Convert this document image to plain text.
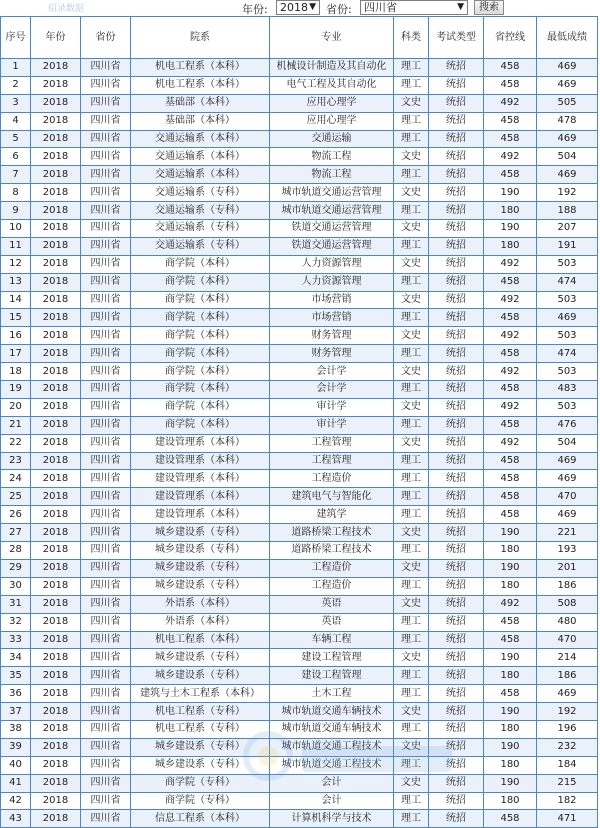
招录数据	年份:	2018 ▼ 省份:	四川省	▼	搜索
序号	年份	省份	院系	专业	科类	考试类型	省控线	最低成绩
1	2018	四川省	机电工程系（本科）	机械设计制造及其自动化	理工	统招	458	469
2	2018	四川省	机电工程系（本科）	电气工程及其自动化	理工	统招	458	469
3	2018	四川省	基础部（本科）	应用心理学	文史	统招	492	505
4	2018	四川省	基础部（本科）	应用心理学	理工	统招	458	478
5	2018	四川省	交通运输系（本科）	交通运输	理工	统招	458	469
6	2018	四川省	交通运输系（本科）	物流工程	文史	统招	492	504
7	2018	四川省	交通运输系（本科）	物流工程	理工	统招	458	469
8	2018	四川省	交通运输系（专科）	城市轨道交通运营管理	文史	统招	190	192
9	2018	四川省	交通运输系（专科）	城市轨道交通运营管理	理工	统招	180	188
10	2018	四川省	交通运输系（专科）	铁道交通运营管理	文史	统招	190	207
11	2018	四川省	交通运输系（专科）	铁道交通运营管理	理工	统招	180	191
12	2018	四川省	商学院（本科）	人力资源管理	文史	统招	492	503
13	2018	四川省	商学院（本科）	人力资源管理	理工	统招	458	474
14	2018	四川省	商学院（本科）	市场营销	文史	统招	492	503
15	2018	四川省	商学院（本科）	市场营销	理工	统招	458	469
16	2018	四川省	商学院（本科）	财务管理	文史	统招	492	503
17	2018	四川省	商学院（本科）	财务管理	理工	统招	458	474
18	2018	四川省	商学院（本科）	会计学	文史	统招	492	503
19	2018	四川省	商学院（本科）	会计学	理工	统招	458	483
20	2018	四川省	商学院（本科）	审计学	文史	统招	492	503
21	2018	四川省	商学院（本科）	审计学	理工	统招	458	476
22	2018	四川省	建设管理系（本科）	工程管理	文史	统招	492	504
23	2018	四川省	建设管理系（本科）	工程管理	理工	统招	458	469
24	2018	四川省	建设管理系（本科）	工程造价	理工	统招	458	469
25	2018	四川省	建设管理系（本科）	建筑电气与智能化	理工	统招	458	470
26	2018	四川省	建设管理系（本科）	建筑学	理工	统招	458	469
27	2018	四川省	城乡建设系（专科）	道路桥梁工程技术	文史	统招	190	221
28	2018	四川省	城乡建设系（专科）	道路桥梁工程技术	理工	统招	180	193
29	2018	四川省	城乡建设系（专科）	工程造价	文史	统招	190	201
30	2018	四川省	城乡建设系（专科）	工程造价	理工	统招	180	186
31	2018	四川省	外语系（本科）	英语	文史	统招	492	508
32	2018	四川省	外语系（本科）	英语	理工	统招	458	480
33	2018	四川省	机电工程系（本科）	车辆工程	理工	统招	458	470
34	2018	四川省	城乡建设系（专科）	建设工程管理	文史	统招	190	214
35	2018	四川省	城乡建设系（专科）	建设工程管理	理工	统招	180	186
36	2018	四川省	建筑与土木工程系（本科）	土木工程	理工	统招	458	469
37	2018	四川省	机电工程系（专科）	城市轨道交通车辆技术	文史	统招	190	192
38	2018	四川省	机电工程系（专科）	城市轨道交通车辆技术	理工	统招	180	196
39	2018	四川省	城乡建设系（专科）	城市轨道交通工程技术	文史	统招	190	232
40	2018	四川省	城乡建设系（专科）	城市轨道交通工程技术	理工	统招	180	184
41	2018	四川省	商学院（专科）	会计	文史	统招	190	215
42	2018	四川省	商学院（专科）	会计	理工	统招	180	182
43	2018	四川省	信息工程系（本科）	计算机科学与技术	理工	统招	458	471
